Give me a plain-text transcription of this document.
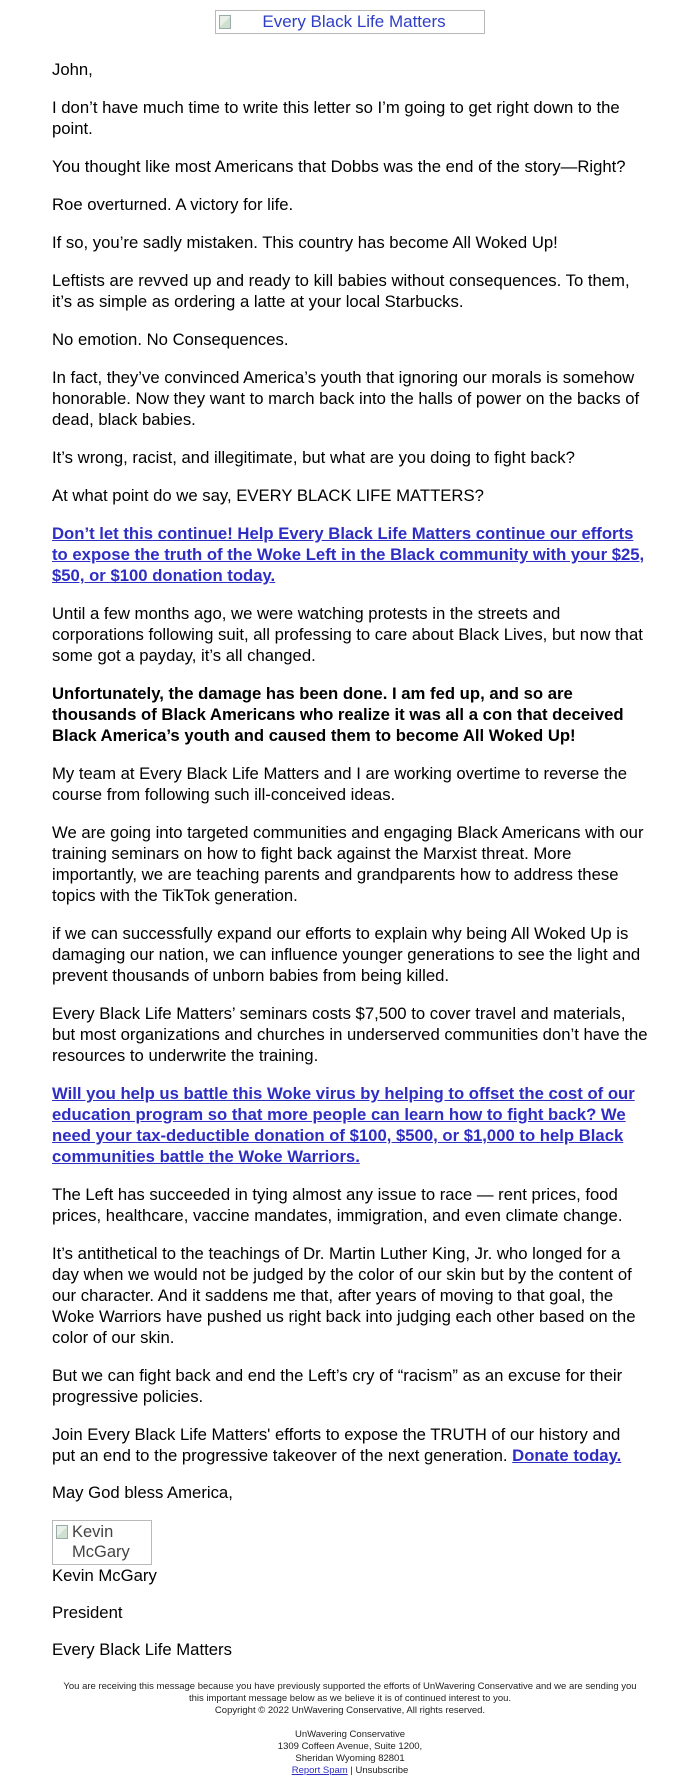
Every Black Life Matters

John,

I don’t have much time to write this letter so I’m going to get right down to the point.

You thought like most Americans that Dobbs was the end of the story—Right?

Roe overturned. A victory for life.

If so, you’re sadly mistaken. This country has become All Woked Up!

Leftists are revved up and ready to kill babies without consequences. To them, it’s as simple as ordering a latte at your local Starbucks.

No emotion. No Consequences.

In fact, they’ve convinced America’s youth that ignoring our morals is somehow honorable. Now they want to march back into the halls of power on the backs of dead, black babies.

It’s wrong, racist, and illegitimate, but what are you doing to fight back?

At what point do we say, EVERY BLACK LIFE MATTERS?

Don’t let this continue! Help Every Black Life Matters continue our efforts to expose the truth of the Woke Left in the Black community with your $25, $50, or $100 donation today.

Until a few months ago, we were watching protests in the streets and corporations following suit, all professing to care about Black Lives, but now that some got a payday, it’s all changed.

Unfortunately, the damage has been done. I am fed up, and so are thousands of Black Americans who realize it was all a con that deceived Black America’s youth and caused them to become All Woked Up!

My team at Every Black Life Matters and I are working overtime to reverse the course from following such ill-conceived ideas.

We are going into targeted communities and engaging Black Americans with our training seminars on how to fight back against the Marxist threat. More importantly, we are teaching parents and grandparents how to address these topics with the TikTok generation.

if we can successfully expand our efforts to explain why being All Woked Up is damaging our nation, we can influence younger generations to see the light and prevent thousands of unborn babies from being killed.

Every Black Life Matters’ seminars costs $7,500 to cover travel and materials, but most organizations and churches in underserved communities don’t have the resources to underwrite the training.

Will you help us battle this Woke virus by helping to offset the cost of our education program so that more people can learn how to fight back? We need your tax-deductible donation of $100, $500, or $1,000 to help Black communities battle the Woke Warriors.

The Left has succeeded in tying almost any issue to race — rent prices, food prices, healthcare, vaccine mandates, immigration, and even climate change.

It’s antithetical to the teachings of Dr. Martin Luther King, Jr. who longed for a day when we would not be judged by the color of our skin but by the content of our character. And it saddens me that, after years of moving to that goal, the Woke Warriors have pushed us right back into judging each other based on the color of our skin.

But we can fight back and end the Left’s cry of “racism” as an excuse for their progressive policies.

Join Every Black Life Matters' efforts to expose the TRUTH of our history and put an end to the progressive takeover of the next generation. Donate today.

May God bless America,

Kevin McGary

Kevin McGary

President

Every Black Life Matters

You are receiving this message because you have previously supported the efforts of UnWavering Conservative and we are sending you this important message below as we believe it is of continued interest to you.

Copyright © 2022 UnWavering Conservative, All rights reserved.

UnWavering Conservative

1309 Coffeen Avenue, Suite 1200,

Sheridan Wyoming 82801

Report Spam | Unsubscribe
